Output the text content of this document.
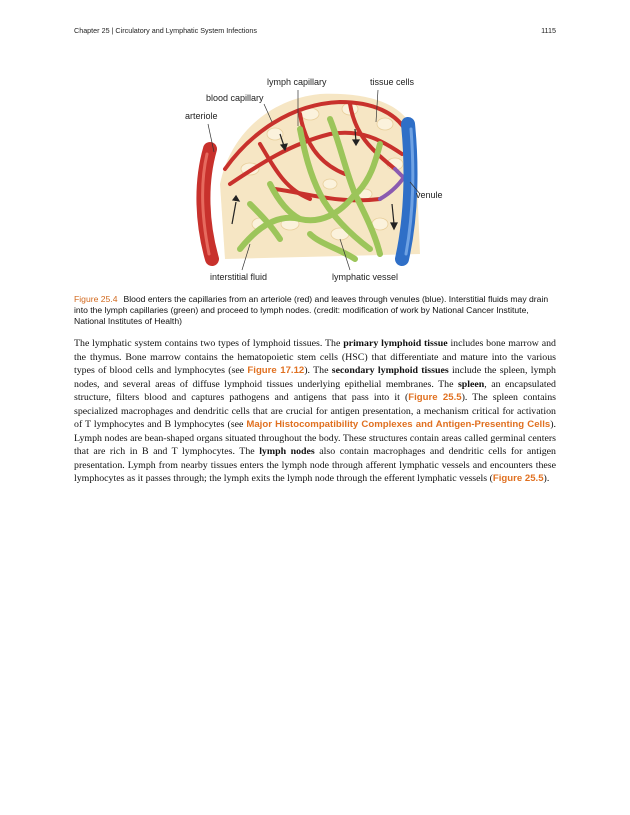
Chapter 25 | Circulatory and Lymphatic System Infections	1115
lymph capillary	tissue cells
blood capillary
arteriole
venule
interstitial fluid	lymphatic vessel
Figure 25.4 Blood enters the capillaries from an arteriole (red) and leaves through venules (blue). Interstitial fluids may drain into the lymph capillaries (green) and proceed to lymph nodes. (credit: modification of work by National Cancer Institute, National Institutes of Health)
The lymphatic system contains two types of lymphoid tissues. The primary lymphoid tissue includes bone marrow and the thymus. Bone marrow contains the hematopoietic stem cells (HSC) that differentiate and mature into the various types of blood cells and lymphocytes (see Figure 17.12). The secondary lymphoid tissues include the spleen, lymph nodes, and several areas of diffuse lymphoid tissues underlying epithelial membranes. The spleen, an encapsulated structure, filters blood and captures pathogens and antigens that pass into it (Figure 25.5). The spleen contains specialized macrophages and dendritic cells that are crucial for antigen presentation, a mechanism critical for activation of T lymphocytes and B lymphocytes (see Major Histocompatibility Complexes and Antigen-Presenting Cells). Lymph nodes are bean-shaped organs situated throughout the body. These structures contain areas called germinal centers that are rich in B and T lymphocytes. The lymph nodes also contain macrophages and dendritic cells for antigen presentation. Lymph from nearby tissues enters the lymph node through afferent lymphatic vessels and encounters these lymphocytes as it passes through; the lymph exits the lymph node through the efferent lymphatic vessels (Figure 25.5).
